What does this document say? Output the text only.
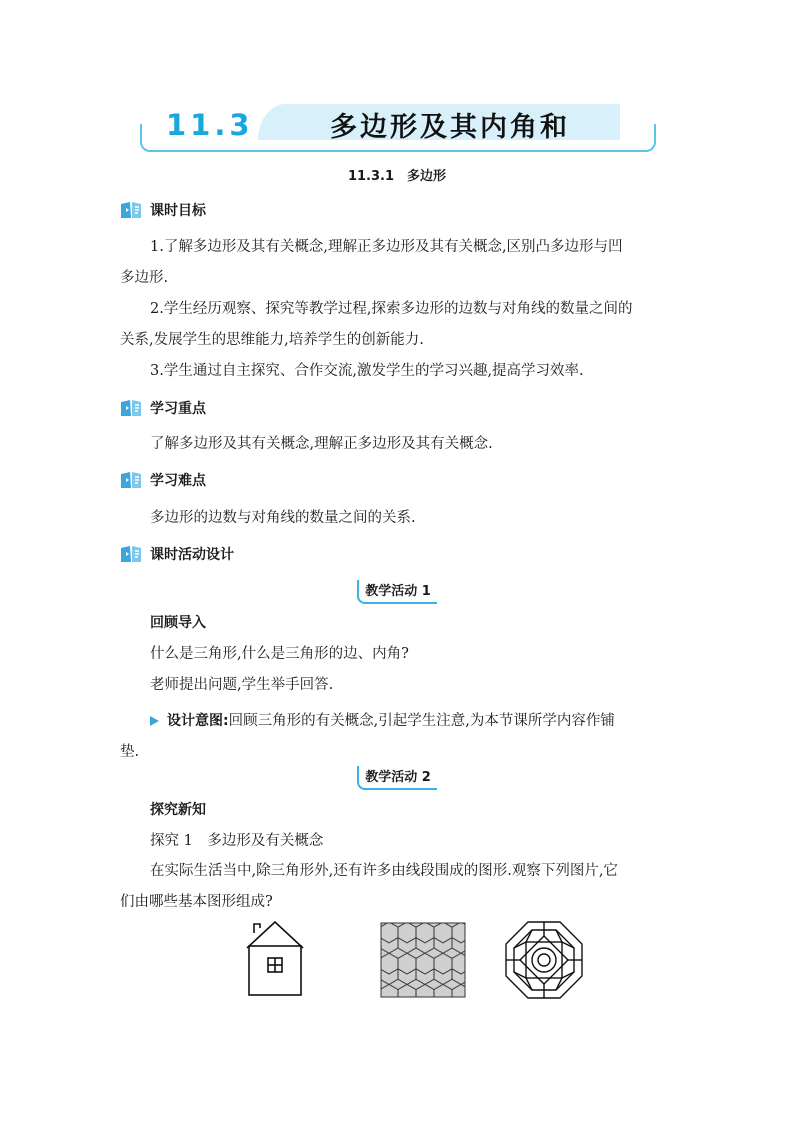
11.3	多边形及其内角和
11.3.1　多边形
课时目标
1.了解多边形及其有关概念,理解正多边形及其有关概念,区别凸多边形与凹
多边形.
2.学生经历观察、探究等教学过程,探索多边形的边数与对角线的数量之间的
关系,发展学生的思维能力,培养学生的创新能力.
3.学生通过自主探究、合作交流,激发学生的学习兴趣,提高学习效率.
学习重点
了解多边形及其有关概念,理解正多边形及其有关概念.
学习难点
多边形的边数与对角线的数量之间的关系.
课时活动设计
教学活动 1
回顾导入
什么是三角形,什么是三角形的边、内角?
老师提出问题,学生举手回答.
设计意图:回顾三角形的有关概念,引起学生注意,为本节课所学内容作铺
垫.
教学活动 2
探究新知
探究 1　多边形及有关概念
在实际生活当中,除三角形外,还有许多由线段围成的图形.观察下列图片,它
们由哪些基本图形组成?
